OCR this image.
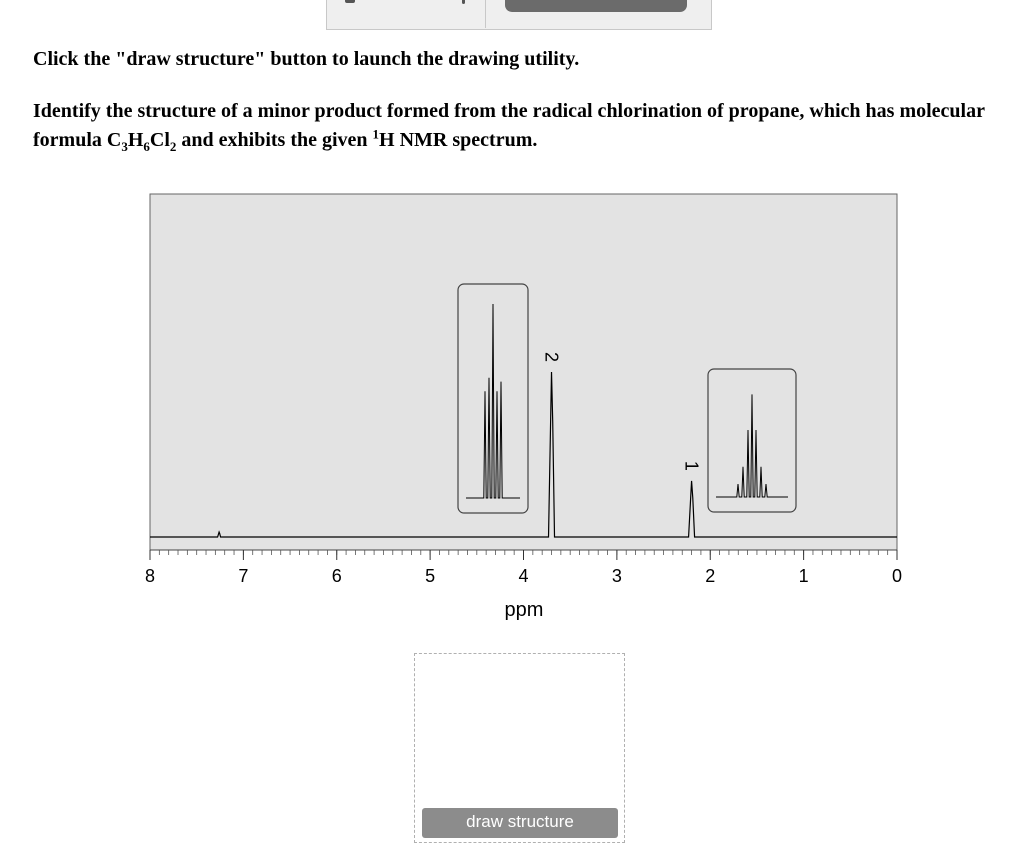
Click the "draw structure" button to launch the drawing utility.
Identify the structure of a minor product formed from the radical chlorination of propane, which has molecular formula $C_3H_6Cl_2$ and exhibits the given $^1$H NMR spectrum.
8	7	6	5	4	3	2	1	0
2
1
ppm
draw structure
